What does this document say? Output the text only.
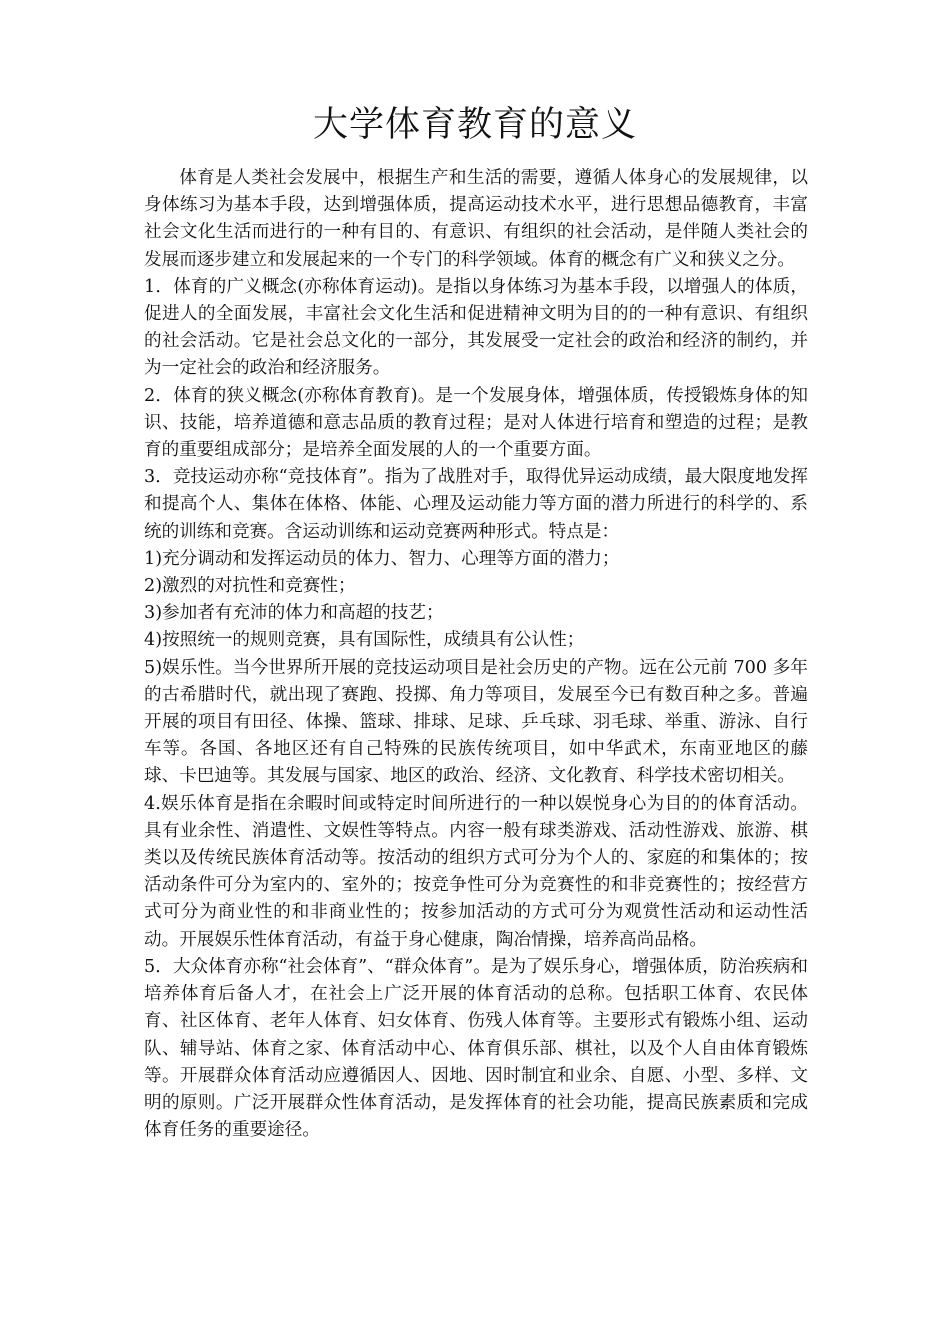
大学体育教育的意义

体育是人类社会发展中，根据生产和生活的需要，遵循人体身心的发展规律，以身体练习为基本手段，达到增强体质，提高运动技术水平，进行思想品德教育，丰富社会文化生活而进行的一种有目的、有意识、有组织的社会活动，是伴随人类社会的发展而逐步建立和发展起来的一个专门的科学领域。体育的概念有广义和狭义之分。

1．体育的广义概念(亦称体育运动)。是指以身体练习为基本手段，以增强人的体质，促进人的全面发展，丰富社会文化生活和促进精神文明为目的的一种有意识、有组织的社会活动。它是社会总文化的一部分，其发展受一定社会的政治和经济的制约，并为一定社会的政治和经济服务。

2．体育的狭义概念(亦称体育教育)。是一个发展身体，增强体质，传授锻炼身体的知识、技能，培养道德和意志品质的教育过程；是对人体进行培育和塑造的过程；是教育的重要组成部分；是培养全面发展的人的一个重要方面。

3．竞技运动亦称“竞技体育”。指为了战胜对手，取得优异运动成绩，最大限度地发挥和提高个人、集体在体格、体能、心理及运动能力等方面的潜力所进行的科学的、系统的训练和竞赛。含运动训练和运动竞赛两种形式。特点是：

1)充分调动和发挥运动员的体力、智力、心理等方面的潜力；

2)激烈的对抗性和竞赛性；

3)参加者有充沛的体力和高超的技艺；

4)按照统一的规则竞赛，具有国际性，成绩具有公认性；

5)娱乐性。当今世界所开展的竞技运动项目是社会历史的产物。远在公元前 700 多年的古希腊时代，就出现了赛跑、投掷、角力等项目，发展至今已有数百种之多。普遍开展的项目有田径、体操、篮球、排球、足球、乒乓球、羽毛球、举重、游泳、自行车等。各国、各地区还有自己特殊的民族传统项目，如中华武术，东南亚地区的藤球、卡巴迪等。其发展与国家、地区的政治、经济、文化教育、科学技术密切相关。

4.娱乐体育是指在余暇时间或特定时间所进行的一种以娱悦身心为目的的体育活动。具有业余性、消遣性、文娱性等特点。内容一般有球类游戏、活动性游戏、旅游、棋类以及传统民族体育活动等。按活动的组织方式可分为个人的、家庭的和集体的；按活动条件可分为室内的、室外的；按竞争性可分为竞赛性的和非竞赛性的；按经营方式可分为商业性的和非商业性的；按参加活动的方式可分为观赏性活动和运动性活动。开展娱乐性体育活动，有益于身心健康，陶冶情操，培养高尚品格。

5．大众体育亦称“社会体育”、“群众体育”。是为了娱乐身心，增强体质，防治疾病和培养体育后备人才，在社会上广泛开展的体育活动的总称。包括职工体育、农民体育、社区体育、老年人体育、妇女体育、伤残人体育等。主要形式有锻炼小组、运动队、辅导站、体育之家、体育活动中心、体育俱乐部、棋社，以及个人自由体育锻炼等。开展群众体育活动应遵循因人、因地、因时制宜和业余、自愿、小型、多样、文明的原则。广泛开展群众性体育活动，是发挥体育的社会功能，提高民族素质和完成体育任务的重要途径。
